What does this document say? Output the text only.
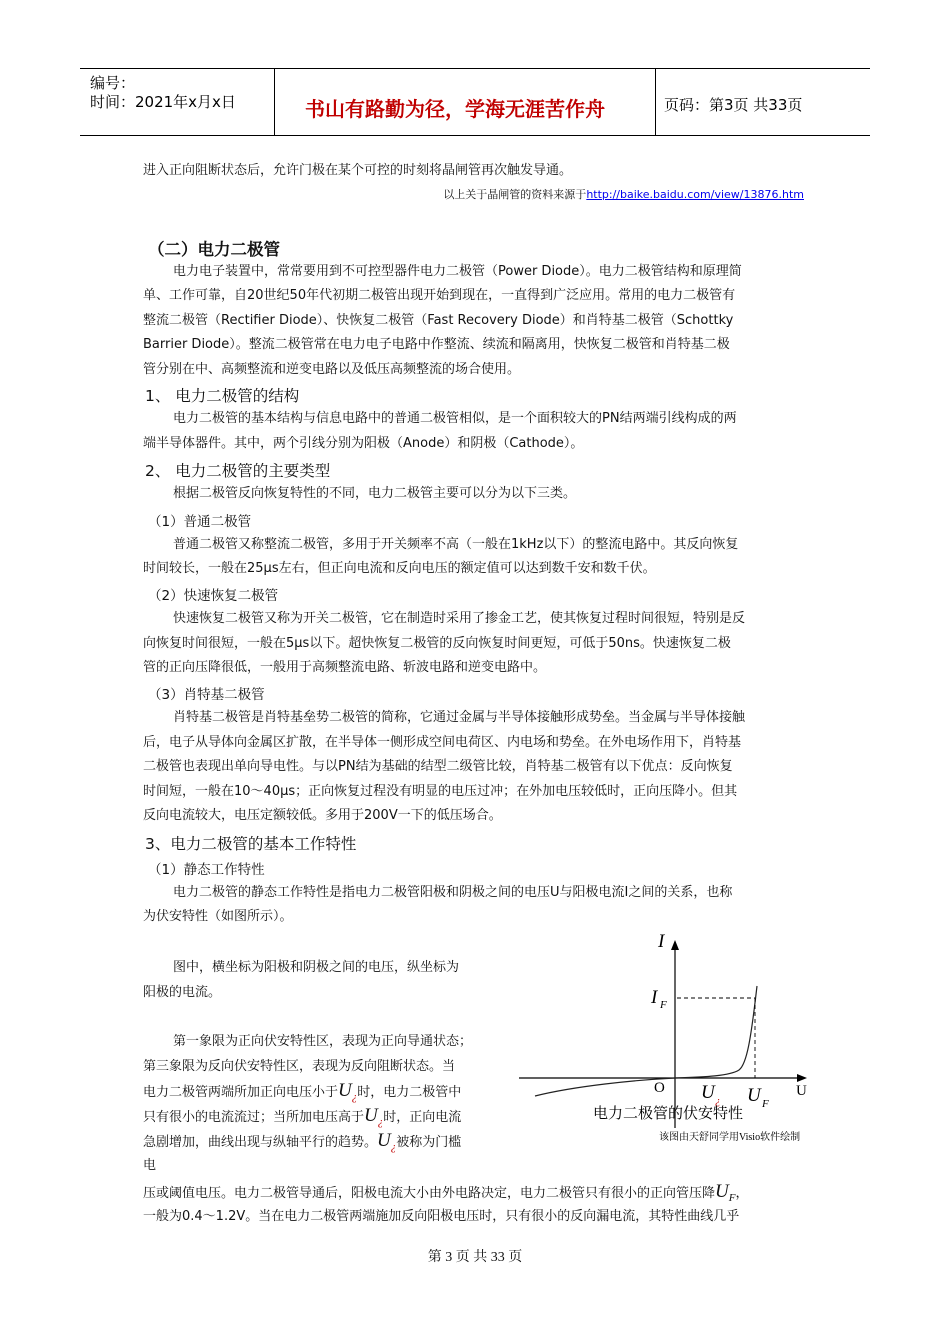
编号：
时间：2021年x月x日	书山有路勤为径，学海无涯苦作舟	页码：第3页 共33页
进入正向阻断状态后，允许门极在某个可控的时刻将晶闸管再次触发导通。
以上关于晶闸管的资料来源于http://baike.baidu.com/view/13876.htm
（二）电力二极管
电力电子装置中，常常要用到不可控型器件电力二极管（Power Diode）。电力二极管结构和原理简
单、工作可靠，自20世纪50年代初期二极管出现开始到现在，一直得到广泛应用。常用的电力二极管有
整流二极管（Rectifier Diode）、快恢复二极管（Fast Recovery Diode）和肖特基二极管（Schottky
Barrier Diode）。整流二极管常在电力电子电路中作整流、续流和隔离用，快恢复二极管和肖特基二极
管分别在中、高频整流和逆变电路以及低压高频整流的场合使用。
1、 电力二极管的结构
电力二极管的基本结构与信息电路中的普通二极管相似，是一个面积较大的PN结两端引线构成的两
端半导体器件。其中，两个引线分别为阳极（Anode）和阴极（Cathode）。
2、 电力二极管的主要类型
根据二极管反向恢复特性的不同，电力二极管主要可以分为以下三类。
（1）普通二极管
普通二极管又称整流二极管，多用于开关频率不高（一般在1kHz以下）的整流电路中。其反向恢复
时间较长，一般在25μs左右，但正向电流和反向电压的额定值可以达到数千安和数千伏。
（2）快速恢复二极管
快速恢复二极管又称为开关二极管，它在制造时采用了掺金工艺，使其恢复过程时间很短，特别是反
向恢复时间很短，一般在5μs以下。超快恢复二极管的反向恢复时间更短，可低于50ns。快速恢复二极
管的正向压降很低，一般用于高频整流电路、斩波电路和逆变电路中。
（3）肖特基二极管
肖特基二极管是肖特基垒势二极管的简称，它通过金属与半导体接触形成势垒。当金属与半导体接触
后，电子从导体向金属区扩散，在半导体一侧形成空间电荷区、内电场和势垒。在外电场作用下，肖特基
二极管也表现出单向导电性。与以PN结为基础的结型二级管比较，肖特基二极管有以下优点：反向恢复
时间短，一般在10～40μs；正向恢复过程没有明显的电压过冲；在外加电压较低时，正向压降小。但其
反向电流较大，电压定额较低。多用于200V一下的低压场合。
3、电力二极管的基本工作特性
（1）静态工作特性
电力二极管的静态工作特性是指电力二极管阳极和阴极之间的电压U与阳极电流I之间的关系，也称
为伏安特性（如图所示）。
图中，横坐标为阳极和阴极之间的电压，纵坐标为
阳极的电流。
第一象限为正向伏安特性区，表现为正向导通状态；
第三象限为反向伏安特性区，表现为反向阻断状态。当
电力二极管两端所加正向电压小于$U_¿$时，电力二极管中
只有很小的电流流过；当所加电压高于$U_¿$时，正向电流
急剧增加，曲线出现与纵轴平行的趋势。$U_¿$被称为门槛
电
I
U
O
I F
U ¿ U F
电力二极管的伏安特性
该图由天舒同学用Visio软件绘制
压或阈值电压。电力二极管导通后，阳极电流大小由外电路决定，电力二极管只有很小的正向管压降$U_F$，
一般为0.4～1.2V。当在电力二极管两端施加反向阳极电压时，只有很小的反向漏电流，其特性曲线几乎
第 3 页 共 33 页
